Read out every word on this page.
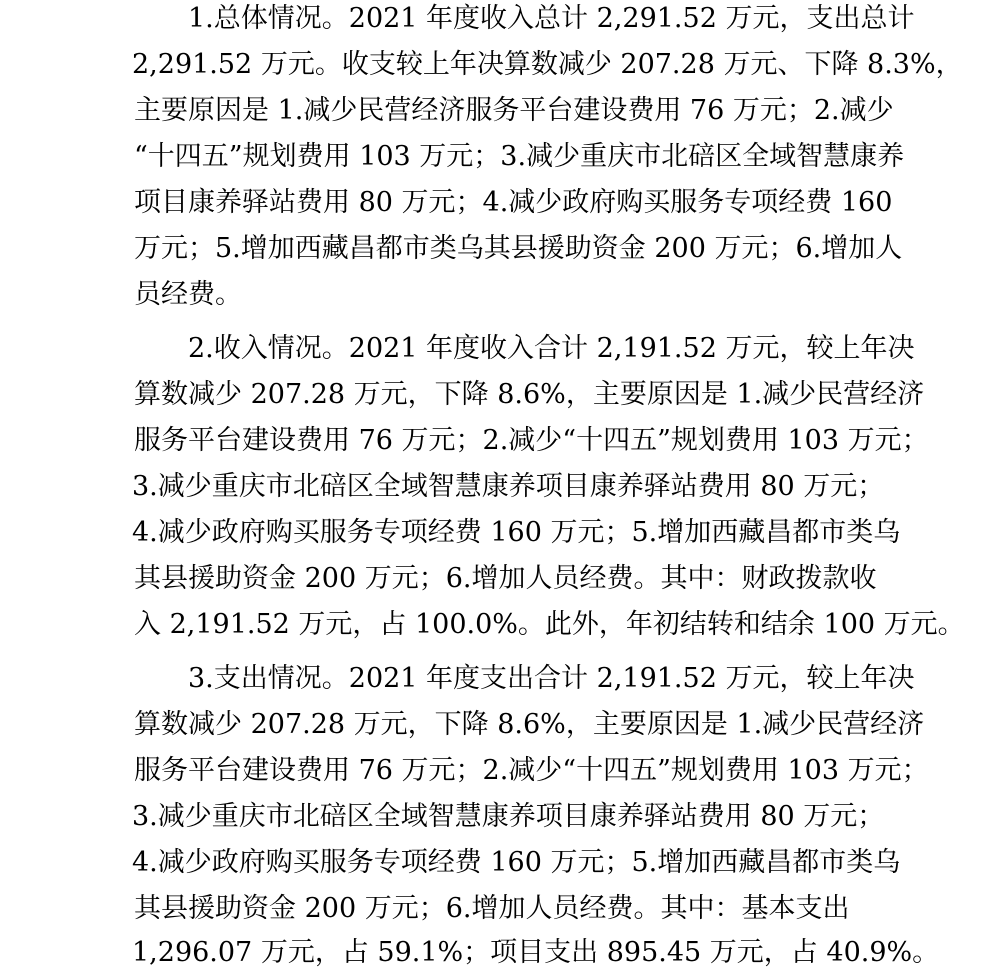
1.总体情况。2021 年度收入总计 2,291.52 万元，支出总计

2,291.52 万元。收支较上年决算数减少 207.28 万元、下降 8.3%，

主要原因是 1.减少民营经济服务平台建设费用 76 万元；2.减少

“十四五”规划费用 103 万元；3.减少重庆市北碚区全域智慧康养

项目康养驿站费用 80 万元；4.减少政府购买服务专项经费 160

万元；5.增加西藏昌都市类乌其县援助资金 200 万元；6.增加人

员经费。

2.收入情况。2021 年度收入合计 2,191.52 万元，较上年决

算数减少 207.28 万元，下降 8.6%，主要原因是 1.减少民营经济

服务平台建设费用 76 万元；2.减少“十四五”规划费用 103 万元；

3.减少重庆市北碚区全域智慧康养项目康养驿站费用 80 万元；

4.减少政府购买服务专项经费 160 万元；5.增加西藏昌都市类乌

其县援助资金 200 万元；6.增加人员经费。其中：财政拨款收

入 2,191.52 万元，占 100.0%。此外，年初结转和结余 100 万元。

3.支出情况。2021 年度支出合计 2,191.52 万元，较上年决

算数减少 207.28 万元，下降 8.6%，主要原因是 1.减少民营经济

服务平台建设费用 76 万元；2.减少“十四五”规划费用 103 万元；

3.减少重庆市北碚区全域智慧康养项目康养驿站费用 80 万元；

4.减少政府购买服务专项经费 160 万元；5.增加西藏昌都市类乌

其县援助资金 200 万元；6.增加人员经费。其中：基本支出

1,296.07 万元，占 59.1%；项目支出 895.45 万元，占 40.9%。
